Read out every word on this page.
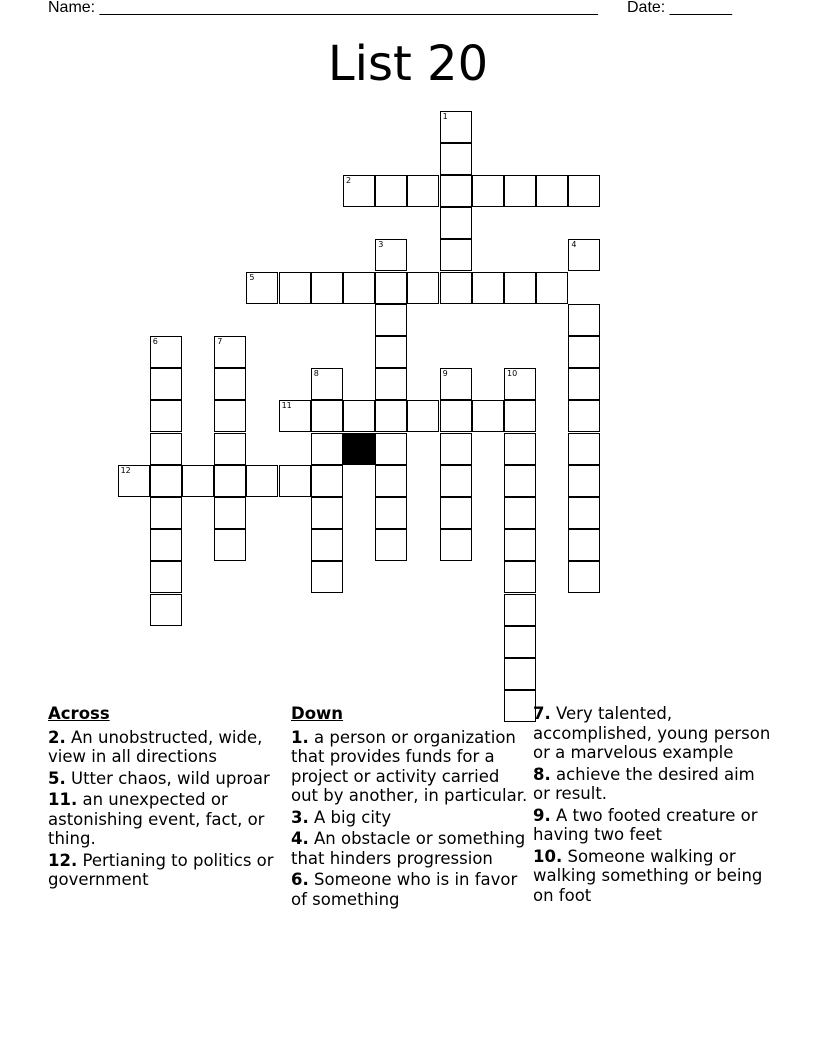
Name: ________________________________________________________ Date: _______
List 20
1
2
5
4
3
6	7
8	9	10
11
12
Across
2. An unobstructed, wide, view in all directions
5. Utter chaos, wild uproar
11. an unexpected or astonishing event, fact, or thing.
12. Pertianing to politics or government
Down
1. a person or organization that provides funds for a project or activity carried out by another, in particular.
3. A big city
4. An obstacle or something that hinders progression
6. Someone who is in favor of something
7. Very talented, accomplished, young person or a marvelous example
8. achieve the desired aim or result.
9. A two footed creature or having two feet
10. Someone walking or walking something or being on foot
